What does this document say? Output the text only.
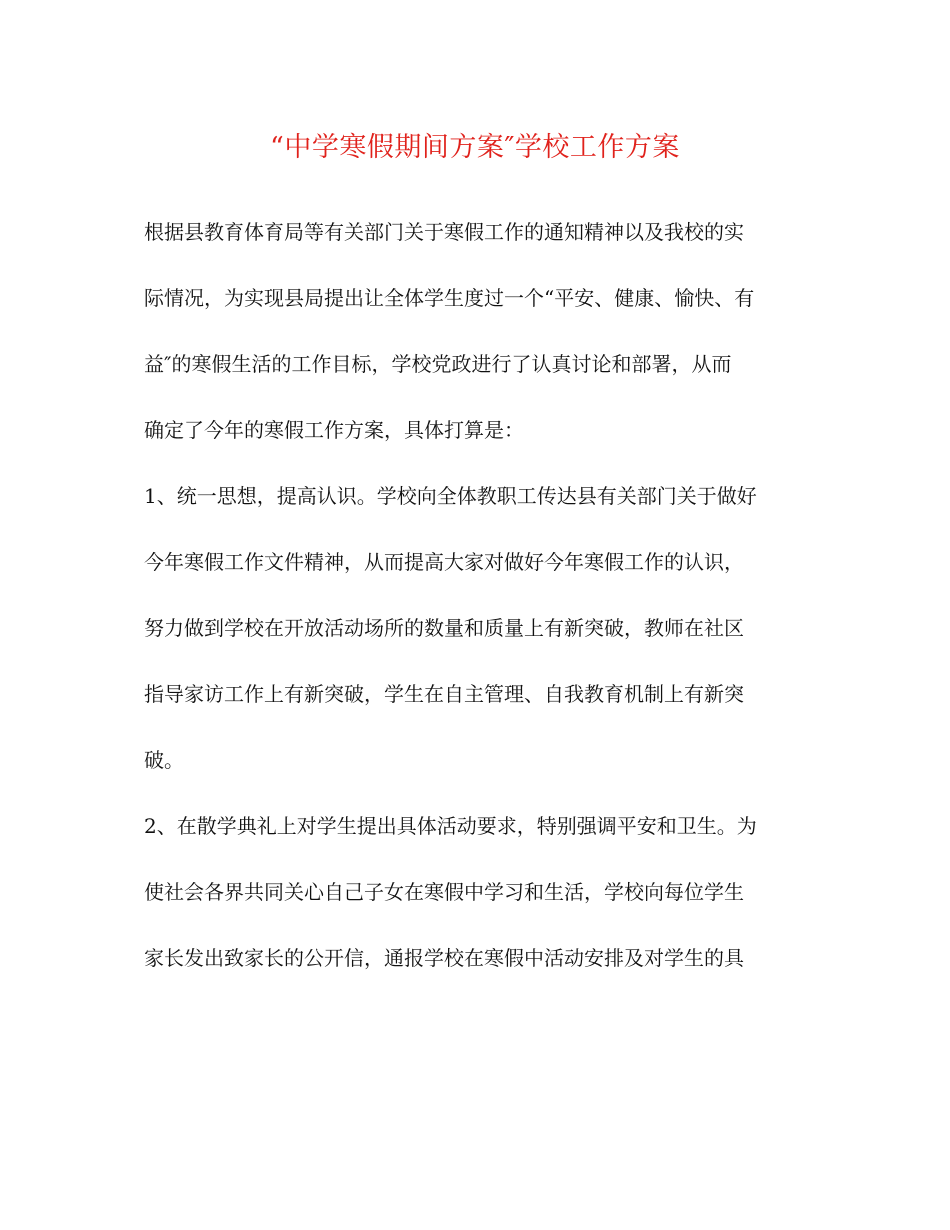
“中学寒假期间方案″学校工作方案
根据县教育体育局等有关部门关于寒假工作的通知精神以及我校的实
际情况，为实现县局提出让全体学生度过一个“平安、健康、愉快、有
益″的寒假生活的工作目标，学校党政进行了认真讨论和部署，从而
确定了今年的寒假工作方案，具体打算是：
1、统一思想，提高认识。学校向全体教职工传达县有关部门关于做好
今年寒假工作文件精神，从而提高大家对做好今年寒假工作的认识，
努力做到学校在开放活动场所的数量和质量上有新突破，教师在社区
指导家访工作上有新突破，学生在自主管理、自我教育机制上有新突
破。
2、在散学典礼上对学生提出具体活动要求，特别强调平安和卫生。为
使社会各界共同关心自己子女在寒假中学习和生活，学校向每位学生
家长发出致家长的公开信，通报学校在寒假中活动安排及对学生的具
